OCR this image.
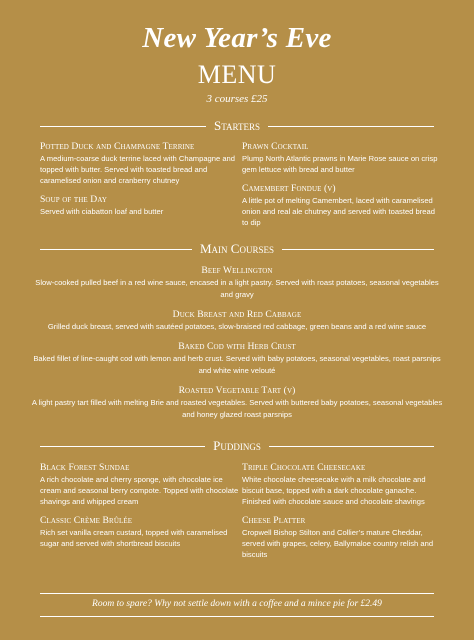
New Year’s Eve
MENU
3 courses £25
Starters
Potted Duck and Champagne Terrine
A medium-coarse duck terrine laced with Champagne and topped with butter. Served with toasted bread and caramelised onion and cranberry chutney
Soup of the Day
Served with ciabatton loaf and butter
Prawn Cocktail
Plump North Atlantic prawns in Marie Rose sauce on crisp gem lettuce with bread and butter
Camembert Fondue (v)
A little pot of melting Camembert, laced with caramelised onion and real ale chutney and served with toasted bread to dip
Main Courses
Beef Wellington
Slow-cooked pulled beef in a red wine sauce, encased in a light pastry. Served with roast potatoes, seasonal vegetables and gravy
Duck Breast and Red Cabbage
Grilled duck breast, served with sautéed potatoes, slow-braised red cabbage, green beans and a red wine sauce
Baked Cod with Herb Crust
Baked fillet of line-caught cod with lemon and herb crust. Served with baby potatoes, seasonal vegetables, roast parsnips and white wine velouté
Roasted Vegetable Tart (v)
A light pastry tart filled with melting Brie and roasted vegetables. Served with buttered baby potatoes, seasonal vegetables and honey glazed roast parsnips
Puddings
Black Forest Sundae
A rich chocolate and cherry sponge, with chocolate ice cream and seasonal berry compote. Topped with chocolate shavings and whipped cream
Classic Crème Brûlée
Rich set vanilla cream custard, topped with caramelised sugar and served with shortbread biscuits
Triple Chocolate Cheesecake
White chocolate cheesecake with a milk chocolate and biscuit base, topped with a dark chocolate ganache. Finished with chocolate sauce and chocolate shavings
Cheese Platter
Cropwell Bishop Stilton and Collier’s mature Cheddar, served with grapes, celery, Ballymaloe country relish and biscuits
Room to spare? Why not settle down with a coffee and a mince pie for £2.49
